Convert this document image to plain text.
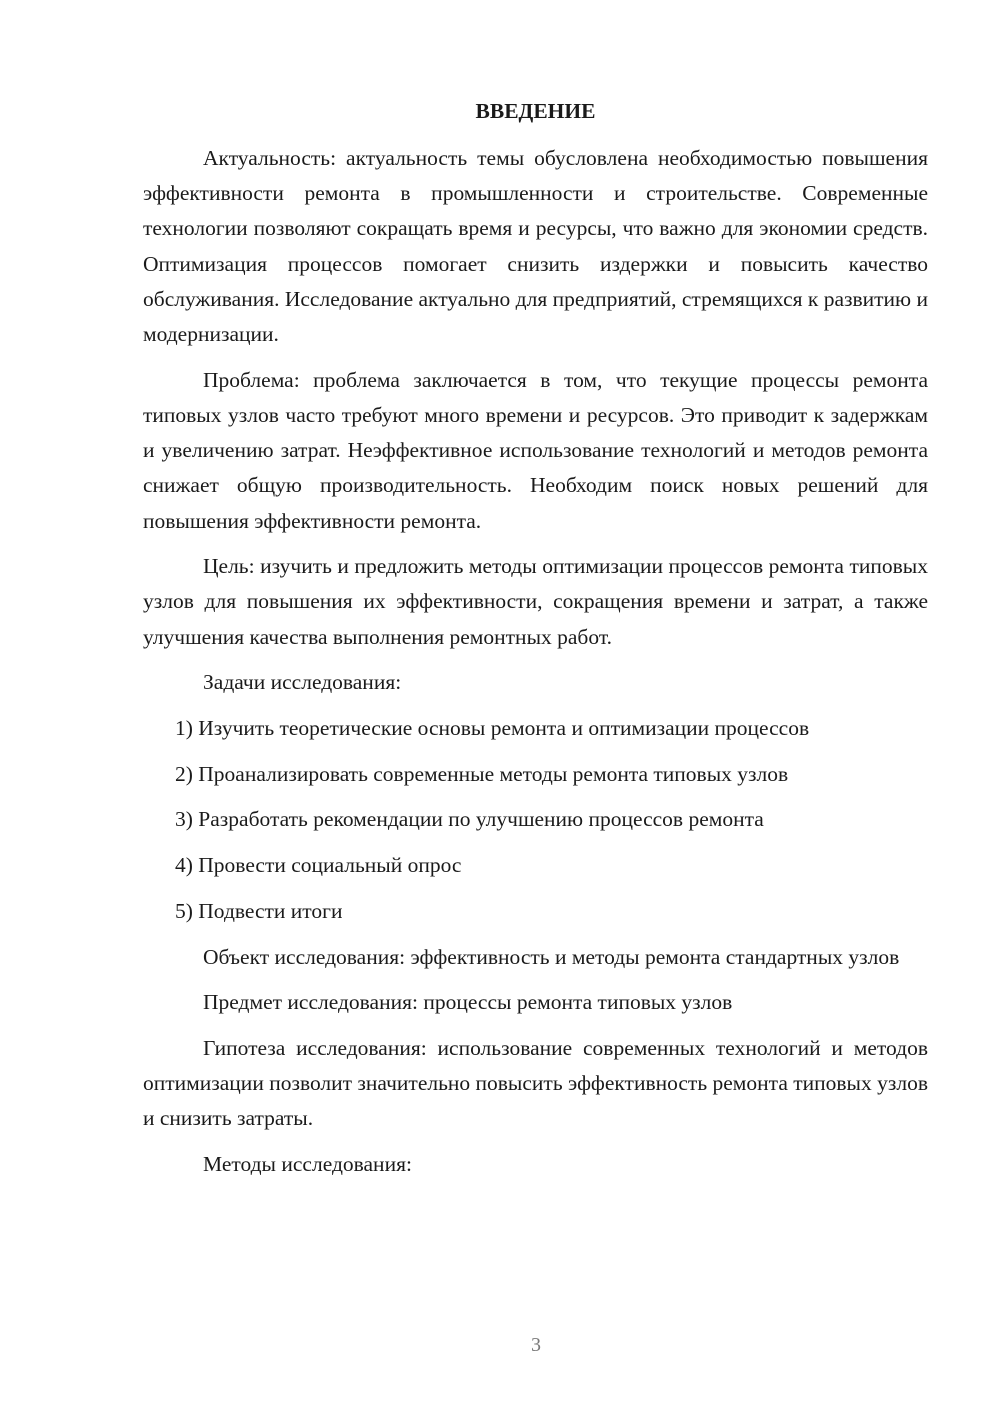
ВВЕДЕНИЕ

Актуальность: актуальность темы обусловлена необходимостью повышения эффективности ремонта в промышленности и строительстве. Современные технологии позволяют сокращать время и ресурсы, что важно для экономии средств. Оптимизация процессов помогает снизить издержки и повысить качество обслуживания. Исследование актуально для предприятий, стремящихся к развитию и модернизации.

Проблема: проблема заключается в том, что текущие процессы ремонта типовых узлов часто требуют много времени и ресурсов. Это приводит к задержкам и увеличению затрат. Неэффективное использование технологий и методов ремонта снижает общую производительность. Необходим поиск новых решений для повышения эффективности ремонта.

Цель: изучить и предложить методы оптимизации процессов ремонта типовых узлов для повышения их эффективности, сокращения времени и затрат, а также улучшения качества выполнения ремонтных работ.

Задачи исследования:

1) Изучить теоретические основы ремонта и оптимизации процессов

2) Проанализировать современные методы ремонта типовых узлов

3) Разработать рекомендации по улучшению процессов ремонта

4) Провести социальный опрос

5) Подвести итоги

Объект исследования: эффективность и методы ремонта стандартных узлов

Предмет исследования: процессы ремонта типовых узлов

Гипотеза исследования: использование современных технологий и методов оптимизации позволит значительно повысить эффективность ремонта типовых узлов и снизить затраты.

Методы исследования:

3
